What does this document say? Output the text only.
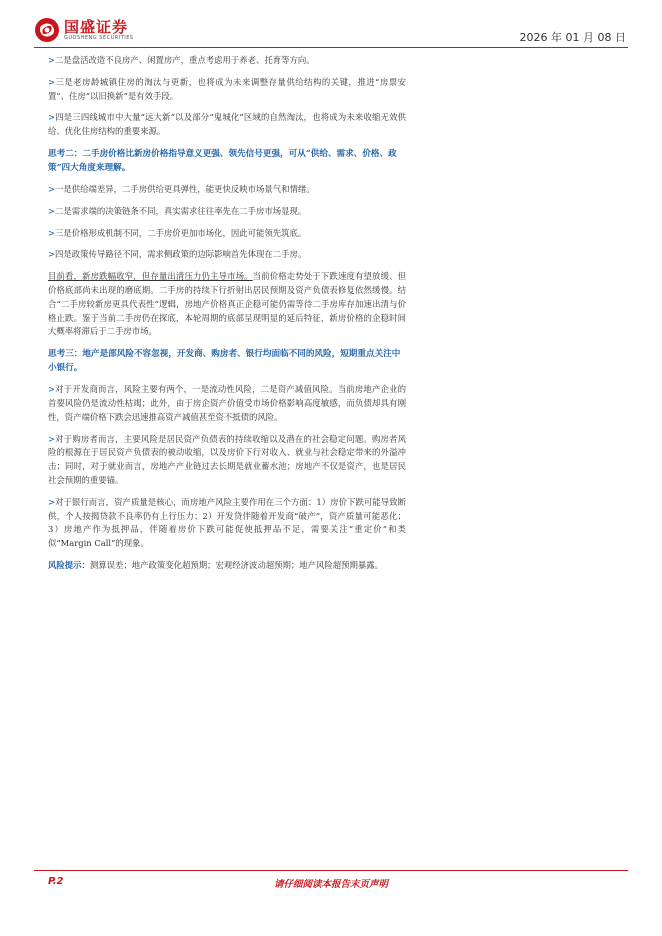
国盛证券
GUOSHENG SECURITIES	2026 年 01 月 08 日

>二是盘活改造不良房产、闲置房产，重点考虑用于养老、托育等方向。

>三是老房龄城镇住房的淘汰与更新，也将成为未来调整存量供给结构的关键，推进“房票安置”、住房“以旧换新”是有效手段。

>四是三四线城市中大量“远大新”以及部分“鬼城化”区域的自然淘汰，也将成为未来收缩无效供给、优化住房结构的重要来源。

思考二：二手房价格比新房价格指导意义更强、领先信号更强，可从“供给、需求、价格、政策”四大角度来理解。

>一是供给端差异，二手房供给更具弹性，能更快反映市场景气和情绪。

>二是需求端的决策链条不同，真实需求往往率先在二手房市场显现。

>三是价格形成机制不同，二手房价更加市场化，因此可能领先筑底。

>四是政策传导路径不同，需求侧政策的边际影响首先体现在二手房。

目前看，新房跌幅收窄，但存量出清压力仍主导市场。当前价格走势处于下跌速度有望放缓、但价格底部尚未出现的磨底期。二手房的持续下行折射出居民预期及资产负债表修复依然缓慢。结合“二手房较新房更具代表性”逻辑，房地产价格真正企稳可能仍需等待二手房库存加速出清与价格止跌。鉴于当前二手房仍在探底，本轮周期的底部呈现明显的延后特征，新房价格的企稳时间大概率将滞后于二手房市场。

思考三：地产是部风险不容忽视，开发商、购房者、银行均面临不同的风险，短期重点关注中小银行。

>对于开发商而言，风险主要有两个，一是流动性风险，二是资产减值风险。当前房地产企业的首要风险仍是流动性枯竭；此外，由于房企资产价值受市场价格影响高度敏感，而负债却具有刚性，资产端价格下跌会迅速推高资产减值甚至资不抵债的风险。

>对于购房者而言，主要风险是居民资产负债表的持续收缩以及潜在的社会稳定问题。购房者风险的根源在于居民资产负债表的被动收缩，以及房价下行对收入、就业与社会稳定带来的外溢冲击；同时，对于就业而言，房地产产业链过去长期是就业蓄水池；房地产不仅是资产，也是居民社会预期的重要锚。

>对于银行而言，资产质量是核心，而房地产风险主要作用在三个方面：1）房价下跌可能导致断供，个人按揭贷款不良率仍有上行压力；2）开发贷伴随着开发商“破产”，资产质量可能恶化；3）房地产作为抵押品，伴随着房价下跌可能促使抵押品不足，需要关注“重定价”和类似“Margin Call”的现象。

风险提示：测算误差；地产政策变化超预期；宏观经济波动超预期；地产风险超预期暴露。

P.2	请仔细阅读本报告末页声明
